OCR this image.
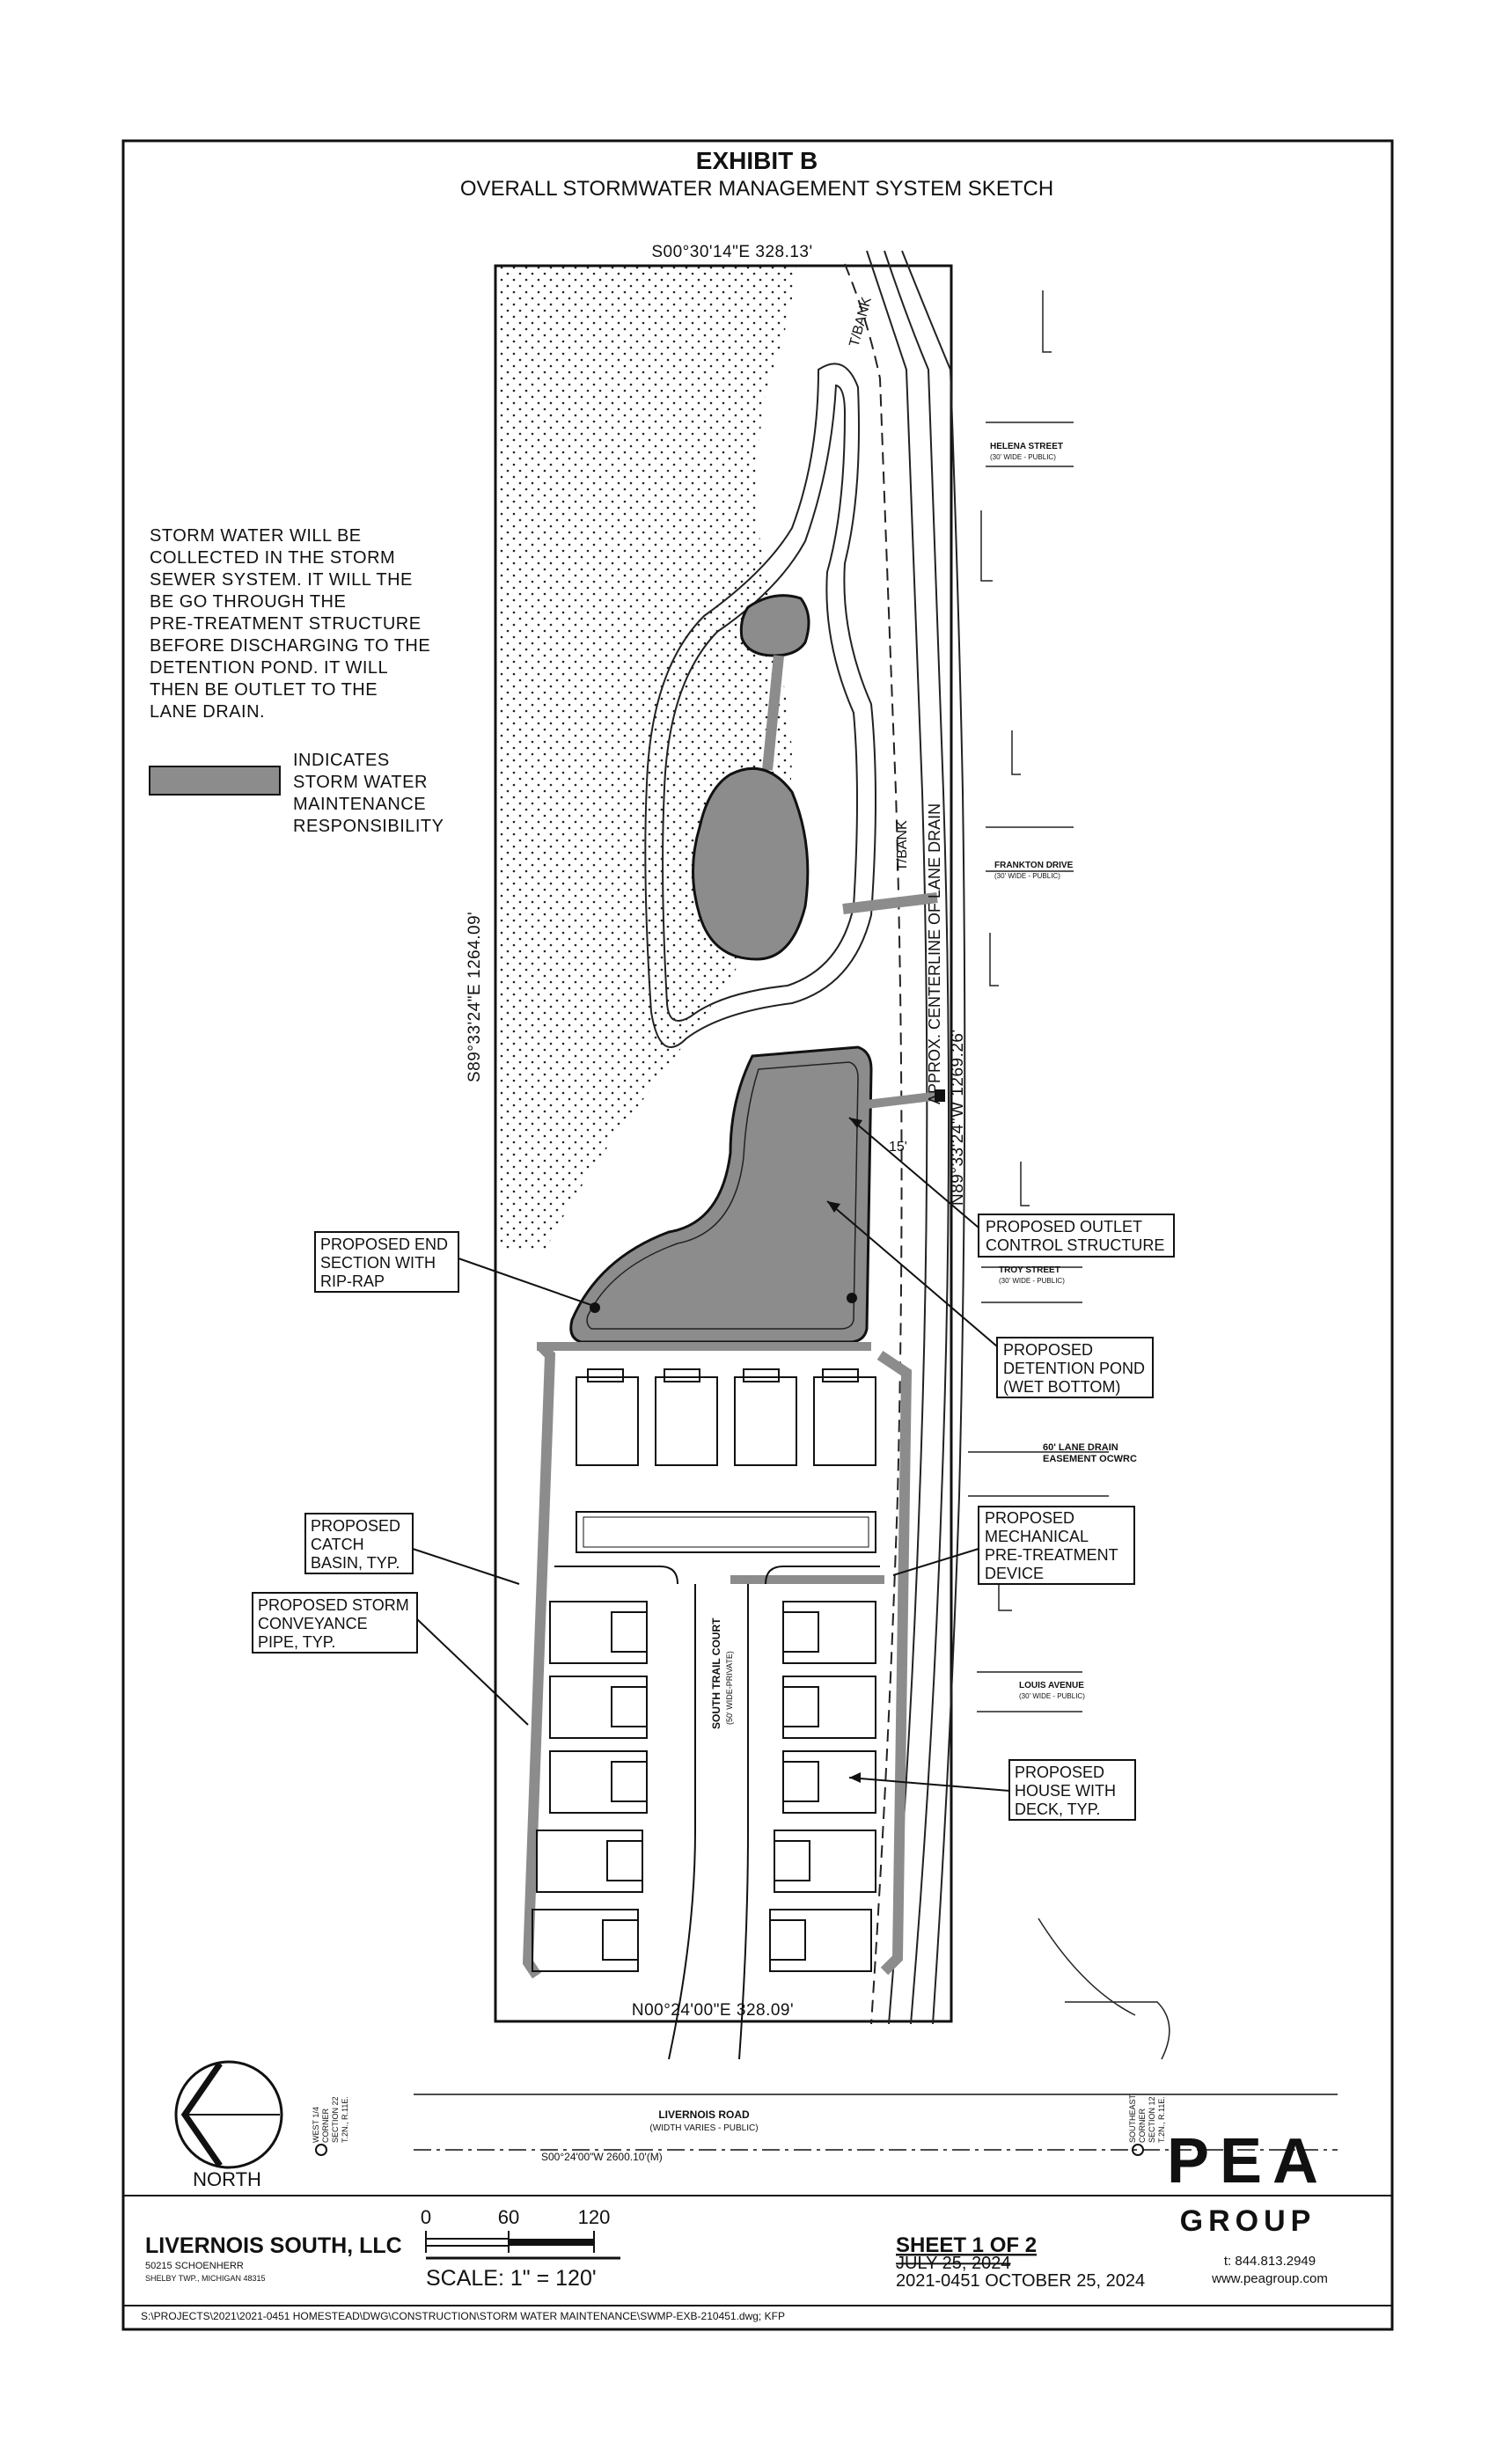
EXHIBIT B
OVERALL STORMWATER MANAGEMENT SYSTEM SKETCH
S00°30'14"E 328.13'
N00°24'00"E 328.09'
S89°33'24"E 1264.09'
N89°33'24"W 1269.26'
SOUTH TRAIL COURT (50' WIDE-PRIVATE)
T/BANK
T/BANK APPROX. CENTERLINE OF LANE DRAIN
15'
S00°24'00"W 2600.10'(M)
HELENA STREET
(30' WIDE - PUBLIC)
FRANKTON DRIVE
(30' WIDE - PUBLIC)
TROY STREET
(30' WIDE - PUBLIC)
60' LANE DRAIN
EASEMENT OCWRC
LOUIS AVENUE
(30' WIDE - PUBLIC)
LIVERNOIS ROAD
(WIDTH VARIES - PUBLIC)
WEST 1/4 CORNER SECTION 22 T.2N., R.11E.	SOUTHEAST CORNER SECTION 12 T.2N., R.11E.
STORM WATER WILL BE
COLLECTED IN THE STORM
SEWER SYSTEM. IT WILL THE
BE GO THROUGH THE
PRE-TREATMENT STRUCTURE
BEFORE DISCHARGING TO THE
DETENTION POND. IT WILL
THEN BE OUTLET TO THE
LANE DRAIN.
INDICATES
STORM WATER
MAINTENANCE
RESPONSIBILITY
PROPOSED OUTLET
CONTROL STRUCTURE
PROPOSED END
SECTION WITH
RIP-RAP
PROPOSED
DETENTION POND
(WET BOTTOM)
PROPOSED
CATCH
BASIN, TYP.
PROPOSED
MECHANICAL
PRE-TREATMENT
DEVICE
PROPOSED STORM
CONVEYANCE
PIPE, TYP.
PROPOSED
HOUSE WITH
DECK, TYP.
NORTH
LIVERNOIS SOUTH, LLC
50215 SCHOENHERR
SHELBY TWP., MICHIGAN 48315
0	60	120
SCALE: 1" = 120'
SHEET 1 OF 2
JULY 25, 2024
2021-0451 OCTOBER 25, 2024
PEA
GROUP
t: 844.813.2949
www.peagroup.com
S:\PROJECTS\2021\2021-0451 HOMESTEAD\DWG\CONSTRUCTION\STORM WATER MAINTENANCE\SWMP-EXB-210451.dwg; KFP
